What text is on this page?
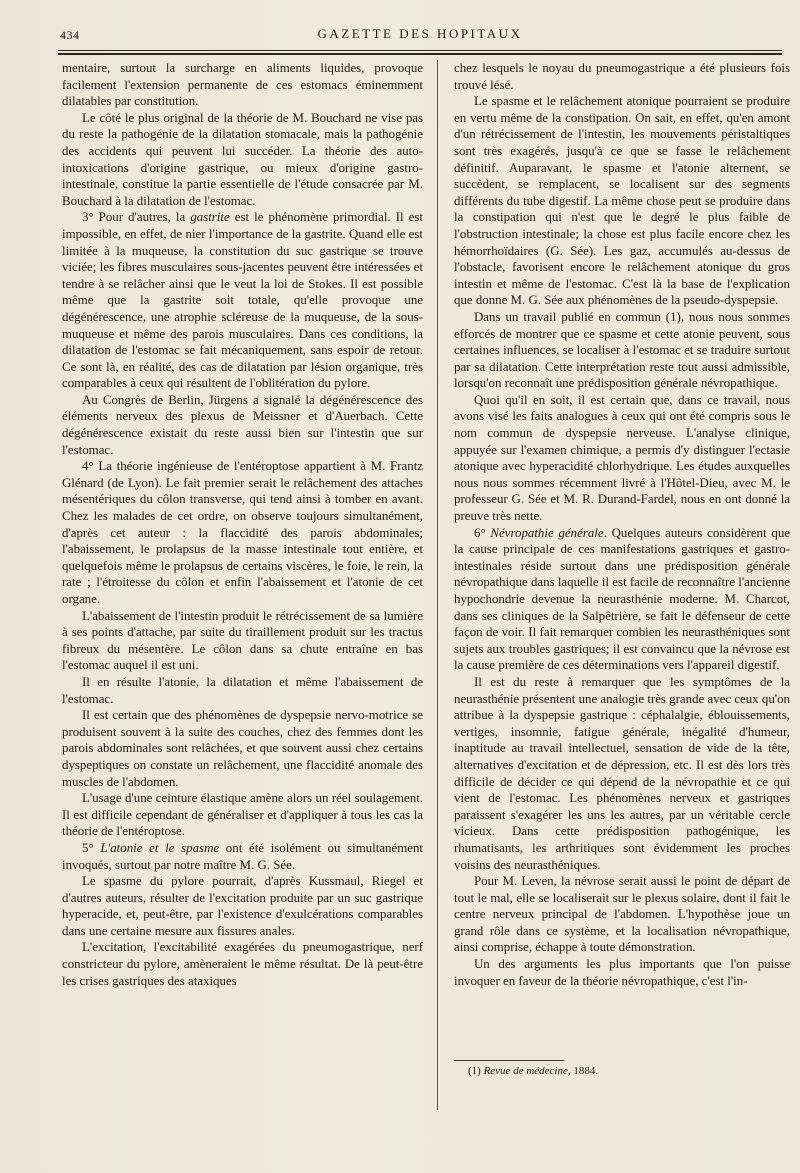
434	GAZETTE DES HOPITAUX

mentaire, surtout la surcharge en aliments liquides, provoque facilement l'extension permanente de ces estomacs éminemment dilatables par constitution.

Le côté le plus original de la théorie de M. Bouchard ne vise pas du reste la pathogénie de la dilatation stomacale, mais la pathogénie des accidents qui peuvent lui succéder. La théorie des auto-intoxications d'origine gastrique, ou mieux d'origine gastro-intestinale, constitue la partie essentielle de l'étude consacrée par M. Bouchard à la dilatation de l'estomac.

3° Pour d'autres, la gastrite est le phénomène primordial. Il est impossible, en effet, de nier l'importance de la gastrite. Quand elle est limitée à la muqueuse, la constitution du suc gastrique se trouve viciée; les fibres musculaires sous-jacentes peuvent être intéressées et tendre à se relâcher ainsi que le veut la loi de Stokes. Il est possible même que la gastrite soit totale, qu'elle provoque une dégénérescence, une atrophie scléreuse de la muqueuse, de la sous-muqueuse et même des parois musculaires. Dans ces conditions, la dilatation de l'estomac se fait mécaniquement, sans espoir de retour. Ce sont là, en réalité, des cas de dilatation par lésion organique, très comparables à ceux qui résultent de l'oblitération du pylore.

Au Congrès de Berlin, Jürgens a signalé la dégénérescence des éléments nerveux des plexus de Meissner et d'Auerbach. Cette dégénérescence existait du reste aussi bien sur l'intestin que sur l'estomac.

4° La théorie ingénieuse de l'entéroptose appartient à M. Frantz Glénard (de Lyon). Le fait premier serait le relâchement des attaches mésentériques du côlon transverse, qui tend ainsi à tomber en avant. Chez les malades de cet ordre, on observe toujours simultanément, d'après cet auteur : la flaccidité des parois abdominales; l'abaissement, le prolapsus de la masse intestinale tout entière, et quelquefois même le prolapsus de certains viscères, le foie, le rein, la rate ; l'étroitesse du côlon et enfin l'abaissement et l'atonie de cet organe.

L'abaissement de l'intestin produit le rétrécissement de sa lumière à ses points d'attache, par suite du tiraillement produit sur les tractus fibreux du mésentère. Le côlon dans sa chute entraîne en bas l'estomac auquel il est uni.

Il en résulte l'atonie, la dilatation et même l'abaissement de l'estomac.

Il est certain que des phénomènes de dyspepsie nervo-motrice se produisent souvent à la suite des couches, chez des femmes dont les parois abdominales sont relâchées, et que souvent aussi chez certains dyspeptiques on constate un relâchement, une flaccidité anomale des muscles de l'abdomen.

L'usage d'une ceinture élastique amène alors un réel soulagement. Il est difficile cependant de généraliser et d'appliquer à tous les cas la théorie de l'entéroptose.

5° L'atonie et le spasme ont été isolément ou simultanément invoqués, surtout par notre maître M. G. Sée.

Le spasme du pylore pourrait, d'après Kussmaul, Riegel et d'autres auteurs, résulter de l'excitation produite par un suc gastrique hyperacide, et, peut-être, par l'existence d'exulcérations comparables dans une certaine mesure aux fissures anales.

L'excitation, l'excitabilité exagérées du pneumogastrique, nerf constricteur du pylore, amèneraient le même résultat. De là peut-être les crises gastriques des ataxiques

chez lesquels le noyau du pneumogastrique a été plusieurs fois trouvé lésé.

Le spasme et le relâchement atonique pourraient se produire en vertu même de la constipation. On sait, en effet, qu'en amont d'un rétrécissement de l'intestin, les mouvements péristaltiques sont très exagérés, jusqu'à ce que se fasse le relâchement définitif. Auparavant, le spasme et l'atonie alternent, se succèdent, se remplacent, se localisent sur des segments différents du tube digestif. La même chose peut se produire dans la constipation qui n'est que le degré le plus faible de l'obstruction intestinale; la chose est plus facile encore chez les hémorrhoïdaires (G. Sée). Les gaz, accumulés au-dessus de l'obstacle, favorisent encore le relâchement atonique du gros intestin et même de l'estomac. C'est là la base de l'explication que donne M. G. Sée aux phénomènes de la pseudo-dyspepsie.

Dans un travail publié en commun (1), nous nous sommes efforcés de montrer que ce spasme et cette atonie peuvent, sous certaines influences, se localiser à l'estomac et se traduire surtout par sa dilatation. Cette interprétation reste tout aussi admissible, lorsqu'on reconnaît une prédisposition générale névropathique.

Quoi qu'il en soit, il est certain que, dans ce travail, nous avons visé les faits analogues à ceux qui ont été compris sous le nom commun de dyspepsie nerveuse. L'analyse clinique, appuyée sur l'examen chimique, a permis d'y distinguer l'ectasie atonique avec hyperacidité chlorhydrique. Les études auxquelles nous nous sommes récemment livré à l'Hôtel-Dieu, avec M. le professeur G. Sée et M. R. Durand-Fardel, nous en ont donné la preuve très nette.

6° Névropathie générale. Quelques auteurs considèrent que la cause principale de ces manifestations gastriques et gastro-intestinales réside surtout dans une prédisposition générale névropathique dans laquelle il est facile de reconnaître l'ancienne hypochondrie devenue la neurasthénie moderne. M. Charcot, dans ses cliniques de la Salpêtrière, se fait le défenseur de cette façon de voir. Il fait remarquer combien les neurasthéniques sont sujets aux troubles gastriques; il est convaincu que la névrose est la cause première de ces déterminations vers l'appareil digestif.

Il est du reste à remarquer que les symptômes de la neurasthénie présentent une analogie très grande avec ceux qu'on attribue à la dyspepsie gastrique : céphalalgie, éblouissements, vertiges, insomnie, fatigue générale, inégalité d'humeur, inaptitude au travail intellectuel, sensation de vide de la tête, alternatives d'excitation et de dépression, etc. Il est dès lors très difficile de décider ce qui dépend de la névropathie et ce qui vient de l'estomac. Les phénomènes nerveux et gastriques paraissent s'exagérer les uns les autres, par un véritable cercle vicieux. Dans cette prédisposition pathogénique, les rhumatisants, les arthritiques sont évidemment les proches voisins des neurasthéniques.

Pour M. Leven, la névrose serait aussi le point de départ de tout le mal, elle se localiserait sur le plexus solaire, dont il fait le centre nerveux principal de l'abdomen. L'hypothèse joue un grand rôle dans ce système, et la localisation névropathique, ainsi comprise, échappe à toute démonstration.

Un des arguments les plus importants que l'on puisse invoquer en faveur de la théorie névropathique, c'est l'in-

(1) Revue de médecine, 1884.
